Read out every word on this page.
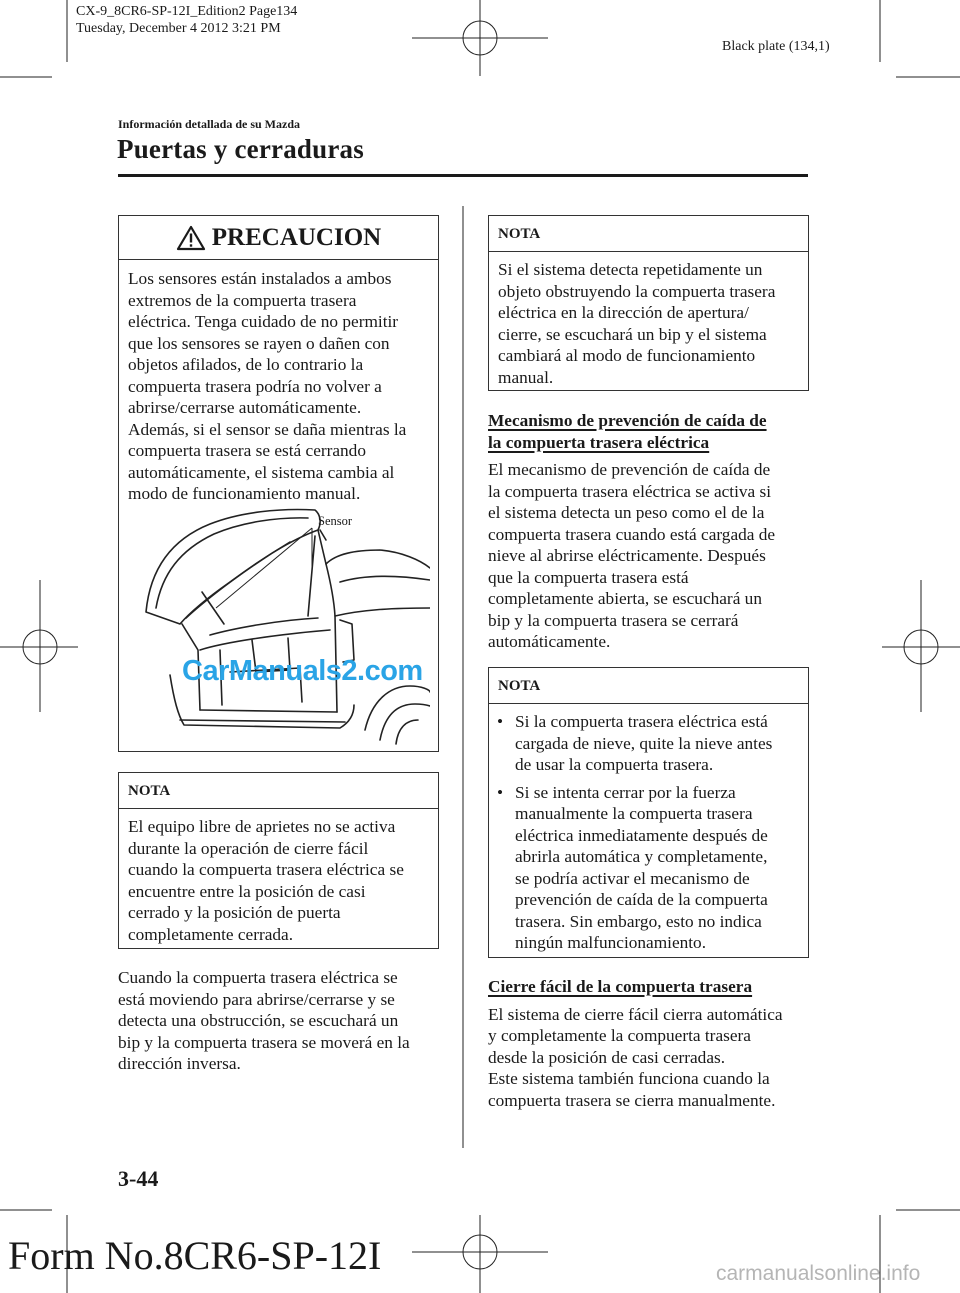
CX-9_8CR6-SP-12I_Edition2 Page134
Tuesday, December 4 2012 3:21 PM
Black plate (134,1)
Información detallada de su Mazda
Puertas y cerraduras
PRECAUCION
Los sensores están instalados a ambos
extremos de la compuerta trasera
eléctrica. Tenga cuidado de no permitir
que los sensores se rayen o dañen con
objetos afilados, de lo contrario la
compuerta trasera podría no volver a
abrirse/cerrarse automáticamente.
Además, si el sensor se daña mientras la
compuerta trasera se está cerrando
automáticamente, el sistema cambia al
modo de funcionamiento manual.
Sensor
CarManuals2.com
NOTA
El equipo libre de aprietes no se activa
durante la operación de cierre fácil
cuando la compuerta trasera eléctrica se
encuentre entre la posición de casi
cerrado y la posición de puerta
completamente cerrada.
Cuando la compuerta trasera eléctrica se
está moviendo para abrirse/cerrarse y se
detecta una obstrucción, se escuchará un
bip y la compuerta trasera se moverá en la
dirección inversa.
NOTA
Si el sistema detecta repetidamente un
objeto obstruyendo la compuerta trasera
eléctrica en la dirección de apertura/
cierre, se escuchará un bip y el sistema
cambiará al modo de funcionamiento
manual.
Mecanismo de prevención de caída de
la compuerta trasera eléctrica
El mecanismo de prevención de caída de
la compuerta trasera eléctrica se activa si
el sistema detecta un peso como el de la
compuerta trasera cuando está cargada de
nieve al abrirse eléctricamente. Después
que la compuerta trasera está
completamente abierta, se escuchará un
bip y la compuerta trasera se cerrará
automáticamente.
NOTA
• Si la compuerta trasera eléctrica está
cargada de nieve, quite la nieve antes
de usar la compuerta trasera.
• Si se intenta cerrar por la fuerza
manualmente la compuerta trasera
eléctrica inmediatamente después de
abrirla automática y completamente,
se podría activar el mecanismo de
prevención de caída de la compuerta
trasera. Sin embargo, esto no indica
ningún malfuncionamiento.
Cierre fácil de la compuerta trasera
El sistema de cierre fácil cierra automática
y completamente la compuerta trasera
desde la posición de casi cerradas.
Este sistema también funciona cuando la
compuerta trasera se cierra manualmente.
3-44
Form No.8CR6-SP-12I	carmanualsonline.info
